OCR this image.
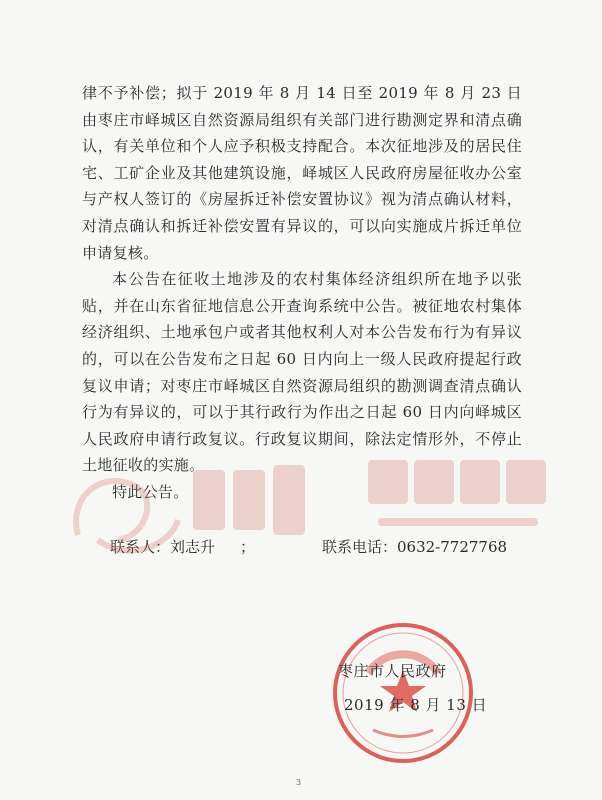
律不予补偿；拟于 2019 年 8 月 14 日至 2019 年 8 月 23 日由枣庄市峄城区自然资源局组织有关部门进行勘测定界和清点确认，有关单位和个人应予积极支持配合。本次征地涉及的居民住宅、工矿企业及其他建筑设施，峄城区人民政府房屋征收办公室与产权人签订的《房屋拆迁补偿安置协议》视为清点确认材料，对清点确认和拆迁补偿安置有异议的，可以向实施成片拆迁单位申请复核。

本公告在征收土地涉及的农村集体经济组织所在地予以张贴，并在山东省征地信息公开查询系统中公告。被征地农村集体经济组织、土地承包户或者其他权利人对本公告发布行为有异议的，可以在公告发布之日起 60 日内向上一级人民政府提起行政复议申请；对枣庄市峄城区自然资源局组织的勘测调查清点确认行为有异议的，可以于其行政行为作出之日起 60 日内向峄城区人民政府申请行政复议。行政复议期间，除法定情形外，不停止土地征收的实施。

特此公告。

联系人：刘志升 ；	联系电话：0632-7727768
枣庄市人民政府
2019 年 8 月 13 日
3
